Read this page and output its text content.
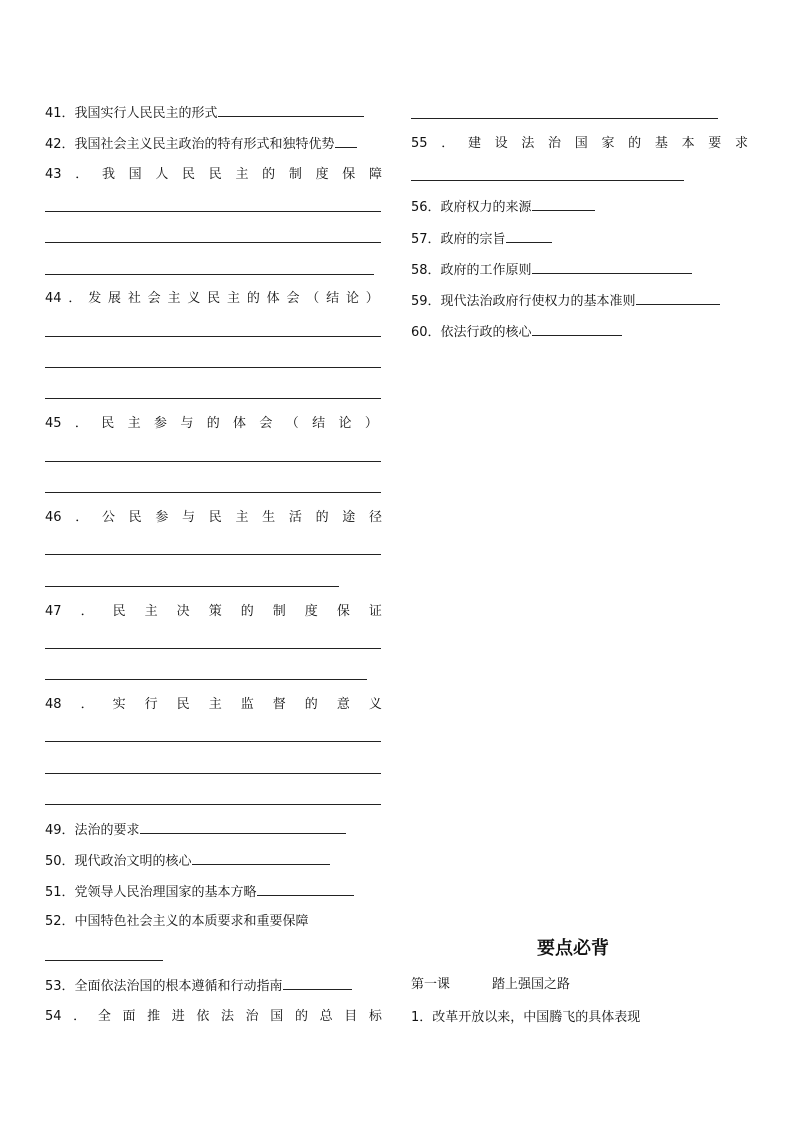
41．我国实行人民民主的形式
42．我国社会主义民主政治的特有形式和独特优势
43 ． 我 国 人 民 民 主 的 制 度 保 障
44 ． 发 展 社 会 主 义 民 主 的 体 会 （ 结 论 ）
45 ． 民 主 参 与 的 体 会 （ 结 论 ）
46 ． 公 民 参 与 民 主 生 活 的 途 径
47 ． 民 主 决 策 的 制 度 保 证
48 ． 实 行 民 主 监 督 的 意 义
49．法治的要求
50．现代政治文明的核心
51．党领导人民治理国家的基本方略
52．中国特色社会主义的本质要求和重要保障
53．全面依法治国的根本遵循和行动指南
54 ． 全 面 推 进 依 法 治 国 的 总 目 标
55 ． 建 设 法 治 国 家 的 基 本 要 求
56．政府权力的来源
57．政府的宗旨
58．政府的工作原则
59．现代法治政府行使权力的基本准则
60．依法行政的核心
要点必背
第一课	踏上强国之路
1．改革开放以来，中国腾飞的具体表现
